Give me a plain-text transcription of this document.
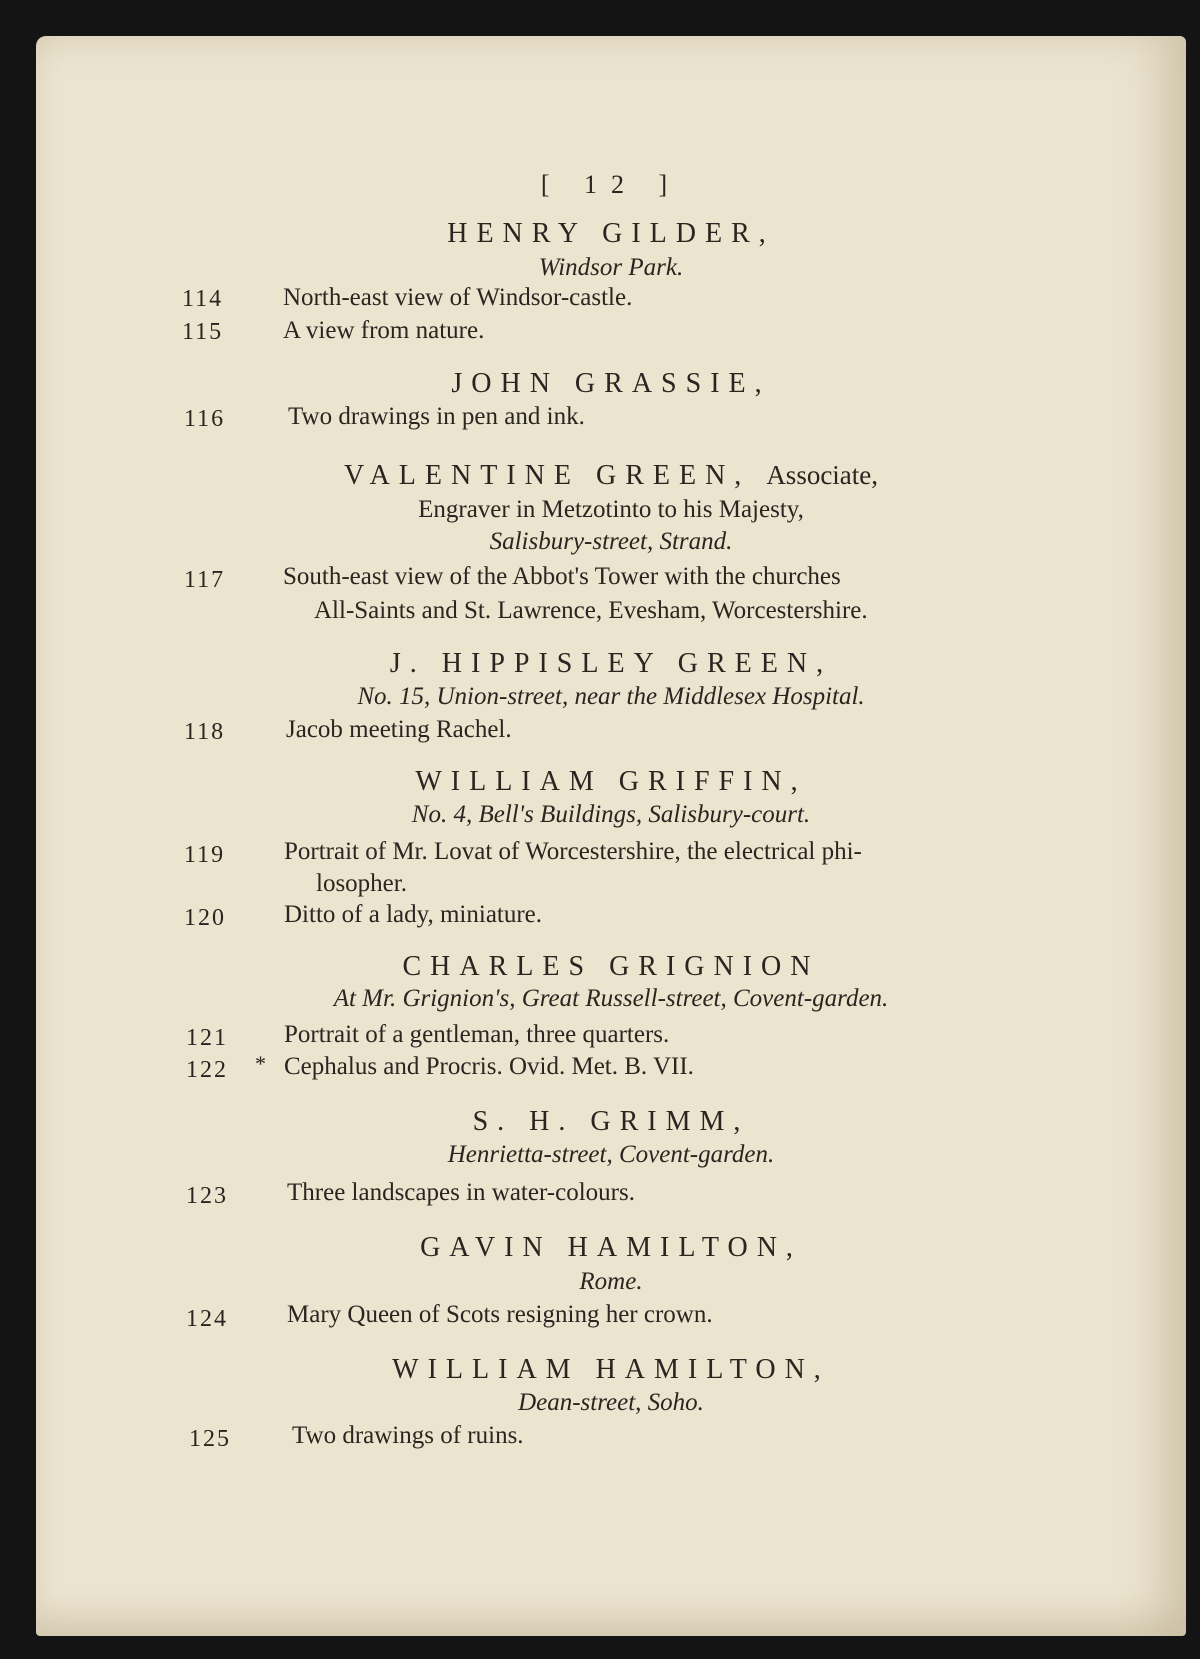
[ 12 ]
HENRY GILDER,
Windsor Park.
114 North-east view of Windsor-castle.
115 A view from nature.
JOHN GRASSIE,
116	Two drawings in pen and ink.
VALENTINE GREEN, Associate,
Engraver in Metzotinto to his Majesty,
Salisbury-street, Strand.
117 South-east view of the Abbot's Tower with the churches
All-Saints and St. Lawrence, Evesham, Worcestershire.
J. HIPPISLEY GREEN,
No. 15, Union-street, near the Middlesex Hospital.
118 Jacob meeting Rachel.
WILLIAM GRIFFIN,
No. 4, Bell's Buildings, Salisbury-court.
119 Portrait of Mr. Lovat of Worcestershire, the electrical phi-
losopher.
120 Ditto of a lady, miniature.
CHARLES GRIGNION
At Mr. Grignion's, Great Russell-street, Covent-garden.
121 Portrait of a gentleman, three quarters.
122 * Cephalus and Procris. Ovid. Met. B. VII.
S. H. GRIMM,
Henrietta-street, Covent-garden.
123 Three landscapes in water-colours.
GAVIN HAMILTON,
Rome.
124 Mary Queen of Scots resigning her crown.
WILLIAM HAMILTON,
Dean-street, Soho.
125 Two drawings of ruins.
